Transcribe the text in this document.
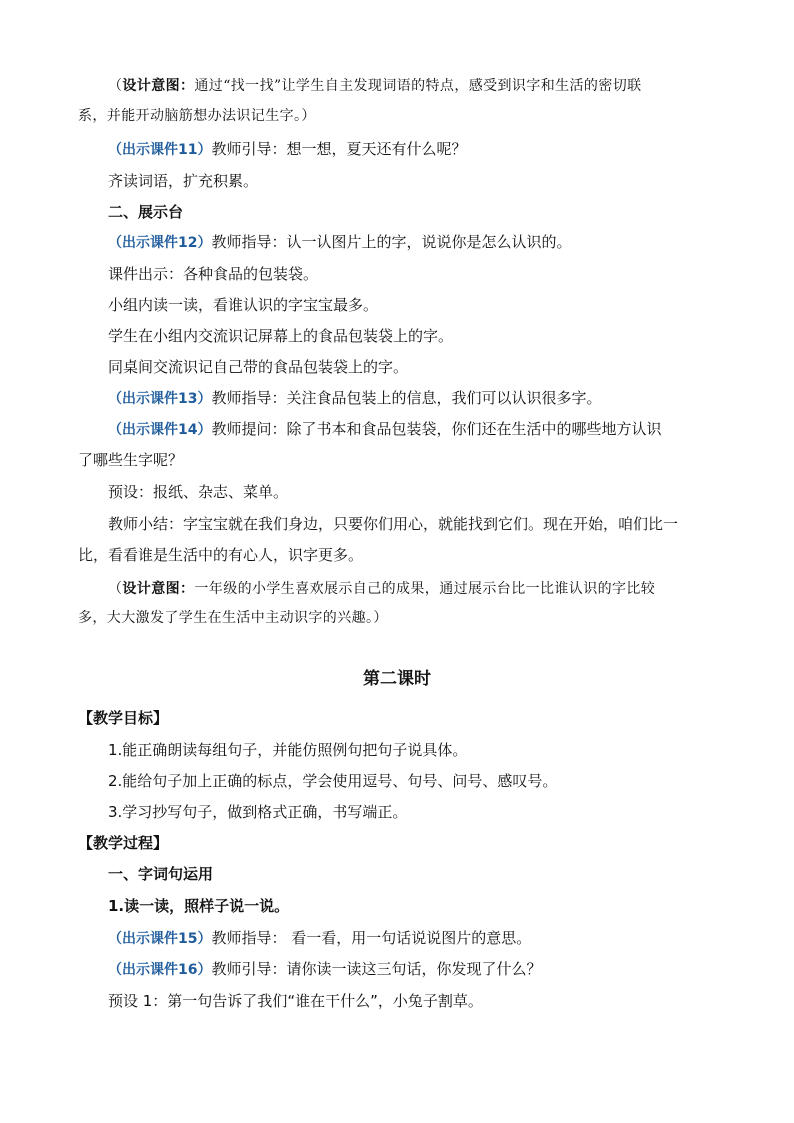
（设计意图：通过“找一找”让学生自主发现词语的特点，感受到识字和生活的密切联
系，并能开动脑筋想办法识记生字。）
（出示课件11）教师引导：想一想，夏天还有什么呢？
齐读词语，扩充积累。
二、展示台
（出示课件12）教师指导：认一认图片上的字，说说你是怎么认识的。
课件出示：各种食品的包装袋。
小组内读一读，看谁认识的字宝宝最多。
学生在小组内交流识记屏幕上的食品包装袋上的字。
同桌间交流识记自己带的食品包装袋上的字。
（出示课件13）教师指导：关注食品包装上的信息，我们可以认识很多字。
（出示课件14）教师提问：除了书本和食品包装袋，你们还在生活中的哪些地方认识
了哪些生字呢？
预设：报纸、杂志、菜单。
教师小结：字宝宝就在我们身边，只要你们用心，就能找到它们。现在开始，咱们比一
比，看看谁是生活中的有心人，识字更多。
（设计意图：一年级的小学生喜欢展示自己的成果，通过展示台比一比谁认识的字比较
多，大大激发了学生在生活中主动识字的兴趣。）
第二课时
【教学目标】
1.能正确朗读每组句子，并能仿照例句把句子说具体。
2.能给句子加上正确的标点，学会使用逗号、句号、问号、感叹号。
3.学习抄写句子，做到格式正确，书写端正。
【教学过程】
一、字词句运用
1.读一读，照样子说一说。
（出示课件15）教师指导： 看一看，用一句话说说图片的意思。
（出示课件16）教师引导：请你读一读这三句话，你发现了什么？
预设 1：第一句告诉了我们“谁在干什么”，小兔子割草。
